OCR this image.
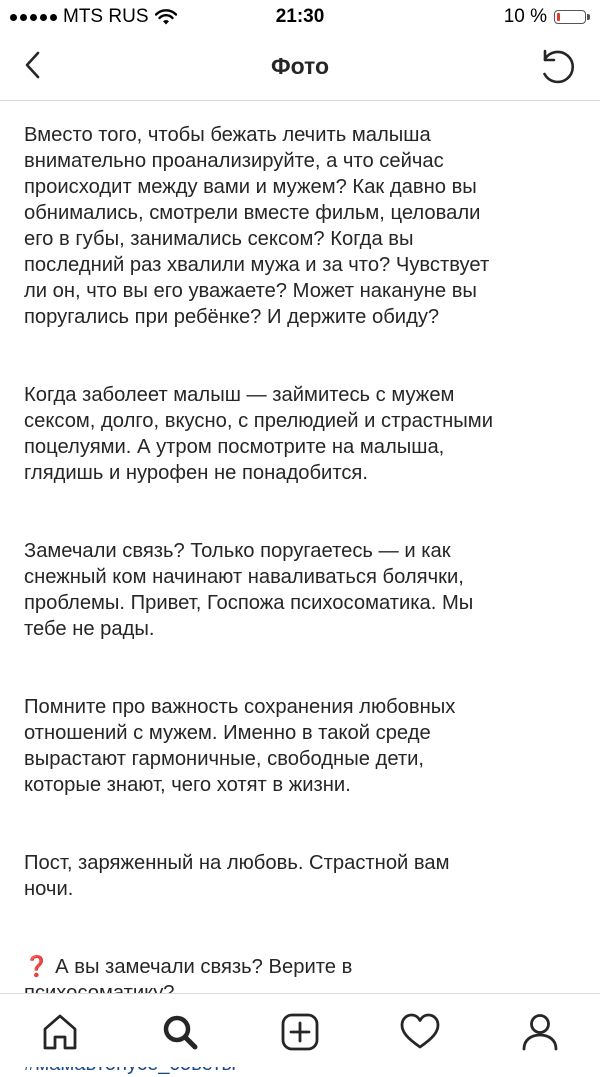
MTS RUS	21:30	10 %
Фото

Вместо того, чтобы бежать лечить малыша
внимательно проанализируйте, а что сейчас
происходит между вами и мужем? Как давно вы
обнимались, смотрели вместе фильм, целовали
его в губы, занимались сексом? Когда вы
последний раз хвалили мужа и за что? Чувствует
ли он, что вы его уважаете? Может накануне вы
поругались при ребёнке? И держите обиду?

Когда заболеет малыш — займитесь с мужем
сексом, долго, вкусно, с прелюдией и страстными
поцелуями. А утром посмотрите на малыша,
глядишь и нурофен не понадобится.

Замечали связь? Только поругаетесь — и как
снежный ком начинают наваливаться болячки,
проблемы. Привет, Госпожа психосоматика. Мы
тебе не рады.

Помните про важность сохранения любовных
отношений с мужем. Именно в такой среде
вырастают гармоничные, свободные дети,
которые знают, чего хотят в жизни.

Пост, заряженный на любовь. Страстной вам
ночи.

❓ А вы замечали связь? Верите в
